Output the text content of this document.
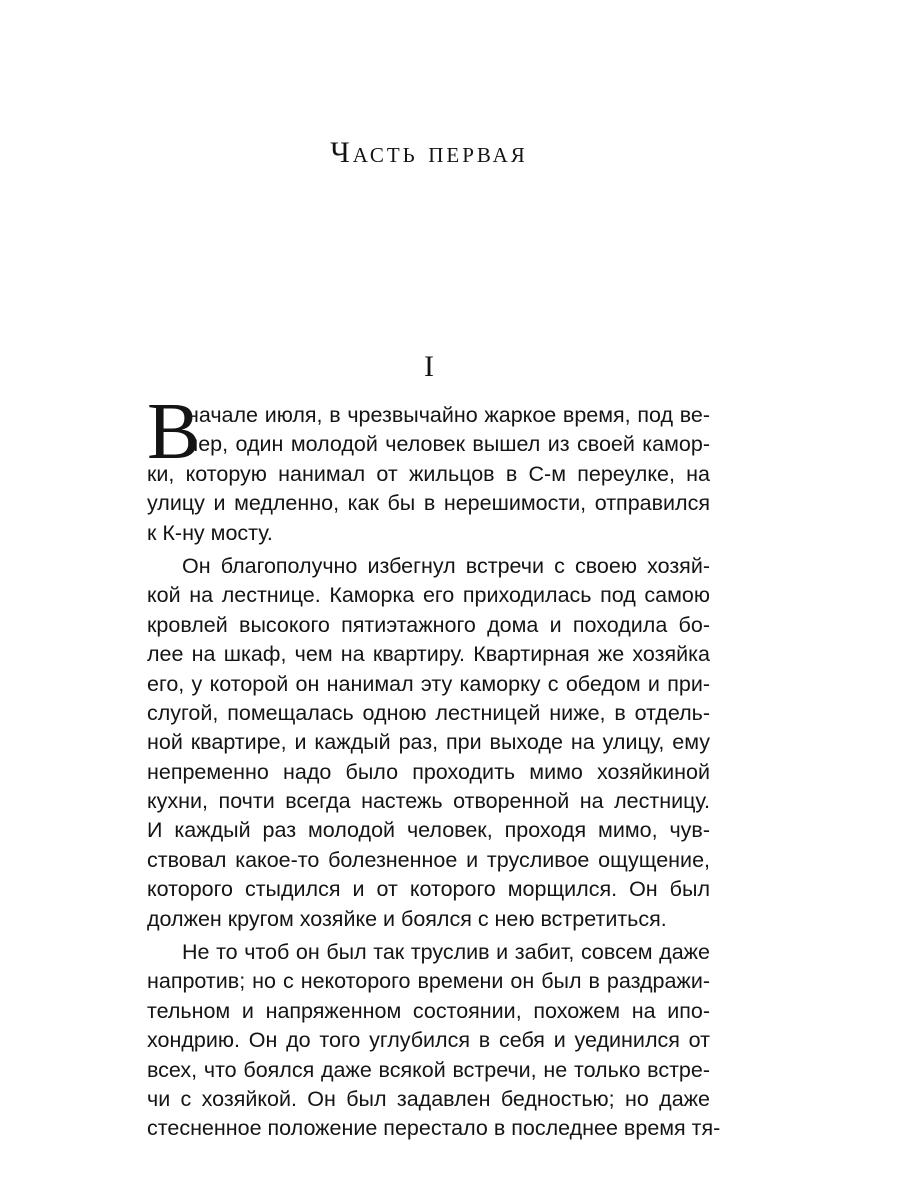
Часть первая
I
В
начале июля, в чрезвычайно жаркое время, под ве-
чер, один молодой человек вышел из своей камор-
ки, которую нанимал от жильцов в С-м переулке, на
улицу и медленно, как бы в нерешимости, отправился
к К-ну мосту.
Он благополучно избегнул встречи с своею хозяй-
кой на лестнице. Каморка его приходилась под самою
кровлей высокого пятиэтажного дома и походила бо-
лее на шкаф, чем на квартиру. Квартирная же хозяйка
его, у которой он нанимал эту каморку с обедом и при-
слугой, помещалась одною лестницей ниже, в отдель-
ной квартире, и каждый раз, при выходе на улицу, ему
непременно надо было проходить мимо хозяйкиной
кухни, почти всегда настежь отворенной на лестницу.
И каждый раз молодой человек, проходя мимо, чув-
ствовал какое-то болезненное и трусливое ощущение,
которого стыдился и от которого морщился. Он был
должен кругом хозяйке и боялся с нею встретиться.
Не то чтоб он был так труслив и забит, совсем даже
напротив; но с некоторого времени он был в раздражи-
тельном и напряженном состоянии, похожем на ипо-
хондрию. Он до того углубился в себя и уединился от
всех, что боялся даже всякой встречи, не только встре-
чи с хозяйкой. Он был задавлен бедностью; но даже
стесненное положение перестало в последнее время тя-
